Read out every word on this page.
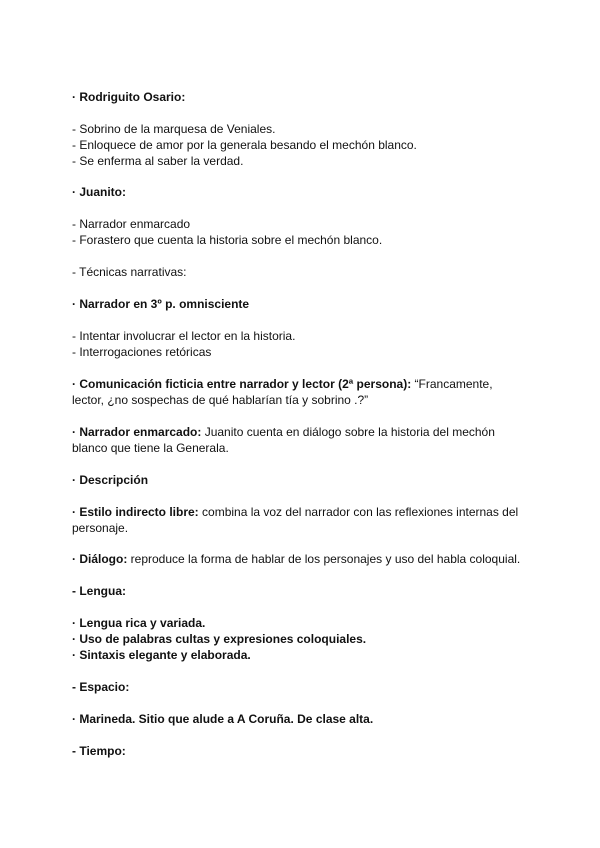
· Rodriguito Osario:
- Sobrino de la marquesa de Veniales.
- Enloquece de amor por la generala besando el mechón blanco.
- Se enferma al saber la verdad.
· Juanito:
- Narrador enmarcado
- Forastero que cuenta la historia sobre el mechón blanco.
- Técnicas narrativas:
· Narrador en 3º p. omnisciente
- Intentar involucrar el lector en la historia.
- Interrogaciones retóricas
· Comunicación ficticia entre narrador y lector (2ª persona): “Francamente,
lector, ¿no sospechas de qué hablarían tía y sobrino .?”
· Narrador enmarcado: Juanito cuenta en diálogo sobre la historia del mechón
blanco que tiene la Generala.
· Descripción
· Estilo indirecto libre: combina la voz del narrador con las reflexiones internas del
personaje.
· Diálogo: reproduce la forma de hablar de los personajes y uso del habla coloquial.
- Lengua:
· Lengua rica y variada.
· Uso de palabras cultas y expresiones coloquiales.
· Sintaxis elegante y elaborada.
- Espacio:
· Marineda. Sitio que alude a A Coruña. De clase alta.
- Tiempo:
